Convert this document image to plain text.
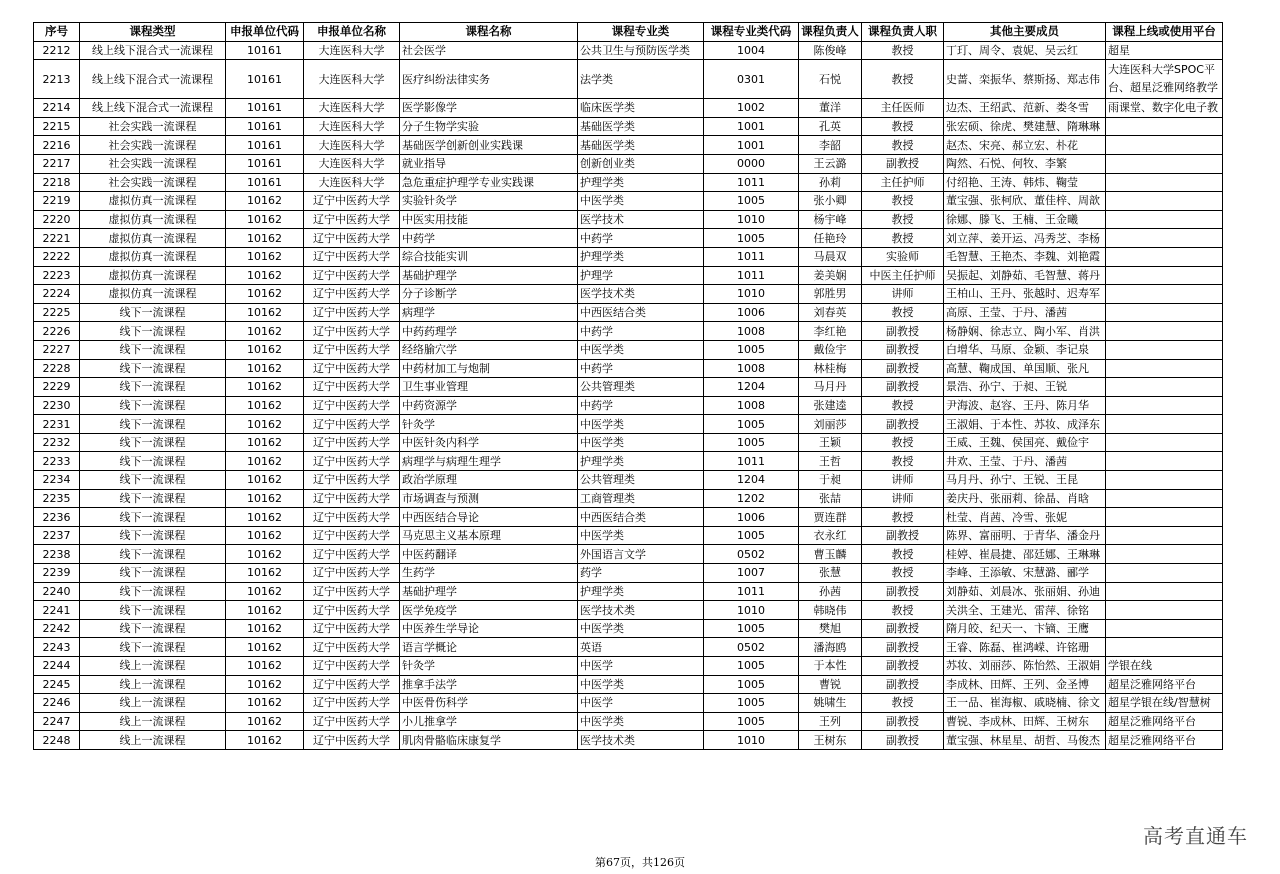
序号	课程类型	申报单位代码	申报单位名称	课程名称	课程专业类	课程专业类代码	课程负责人	课程负责人职	其他主要成员	课程上线或使用平台
2212	线上线下混合式一流课程	10161	大连医科大学	社会医学	公共卫生与预防医学类	1004	陈俊峰	教授	丁玎、周令、袁妮、吴云红	超星
2213	线上线下混合式一流课程	10161	大连医科大学	医疗纠纷法律实务	法学类	0301	石悦	教授	史蔷、栾振华、蔡斯扬、郑志伟	大连医科大学SPOC平台、超星泛雅网络教学
2214	线上线下混合式一流课程	10161	大连医科大学	医学影像学	临床医学类	1002	董洋	主任医师	边杰、王绍武、范新、娄冬雪	雨课堂、数字化电子教
2215	社会实践一流课程	10161	大连医科大学	分子生物学实验	基础医学类	1001	孔英	教授	张宏硕、徐虎、樊建慧、隋琳琳	
2216	社会实践一流课程	10161	大连医科大学	基础医学创新创业实践课	基础医学类	1001	李韶	教授	赵杰、宋亮、郝立宏、朴花	
2217	社会实践一流课程	10161	大连医科大学	就业指导	创新创业类	0000	王云潞	副教授	陶然、石悦、何牧、李繁	
2218	社会实践一流课程	10161	大连医科大学	急危重症护理学专业实践课	护理学类	1011	孙莉	主任护师	付绍艳、王涛、韩炜、鞠莹	
2219	虚拟仿真一流课程	10162	辽宁中医药大学	实验针灸学	中医学类	1005	张小卿	教授	董宝强、张柯欣、董佳梓、周歆	
2220	虚拟仿真一流课程	10162	辽宁中医药大学	中医实用技能	医学技术	1010	杨宇峰	教授	徐娜、滕飞、王楠、王金曦	
2221	虚拟仿真一流课程	10162	辽宁中医药大学	中药学	中药学	1005	任艳玲	教授	刘立萍、姜开运、冯秀芝、李杨	
2222	虚拟仿真一流课程	10162	辽宁中医药大学	综合技能实训	护理学类	1011	马晨双	实验师	毛智慧、王艳杰、李魏、刘艳霞	
2223	虚拟仿真一流课程	10162	辽宁中医药大学	基础护理学	护理学	1011	姜美娴	中医主任护师	吴振起、刘静茹、毛智慧、蒋丹	
2224	虚拟仿真一流课程	10162	辽宁中医药大学	分子诊断学	医学技术类	1010	郭胜男	讲师	王柏山、王丹、张越时、迟寿军	
2225	线下一流课程	10162	辽宁中医药大学	病理学	中西医结合类	1006	刘春英	教授	高原、王莹、于丹、潘茜	
2226	线下一流课程	10162	辽宁中医药大学	中药药理学	中药学	1008	李红艳	副教授	杨静娴、徐志立、陶小军、肖洪	
2227	线下一流课程	10162	辽宁中医药大学	经络腧穴学	中医学类	1005	戴俭宇	副教授	白增华、马原、金颖、李记泉	
2228	线下一流课程	10162	辽宁中医药大学	中药材加工与炮制	中药学	1008	林桂梅	副教授	高慧、鞠成国、单国顺、张凡	
2229	线下一流课程	10162	辽宁中医药大学	卫生事业管理	公共管理类	1204	马月丹	副教授	景浩、孙宁、于昶、王锐	
2230	线下一流课程	10162	辽宁中医药大学	中药资源学	中药学	1008	张建逵	教授	尹海波、赵容、王丹、陈月华	
2231	线下一流课程	10162	辽宁中医药大学	针灸学	中医学类	1005	刘丽莎	副教授	王淑娟、于本性、苏妆、成泽东	
2232	线下一流课程	10162	辽宁中医药大学	中医针灸内科学	中医学类	1005	王颖	教授	王威、王魏、侯国亮、戴俭宇	
2233	线下一流课程	10162	辽宁中医药大学	病理学与病理生理学	护理学类	1011	王哲	教授	井欢、王莹、于丹、潘茜	
2234	线下一流课程	10162	辽宁中医药大学	政治学原理	公共管理类	1204	于昶	讲师	马月丹、孙宁、王锐、王昆	
2235	线下一流课程	10162	辽宁中医药大学	市场调查与预测	工商管理类	1202	张喆	讲师	姜庆丹、张丽莉、徐晶、肖晗	
2236	线下一流课程	10162	辽宁中医药大学	中西医结合导论	中西医结合类	1006	贾连群	教授	杜莹、肖茜、冷雪、张妮	
2237	线下一流课程	10162	辽宁中医药大学	马克思主义基本原理	中医学类	1005	衣永红	副教授	陈界、富丽明、于青华、潘金丹	
2238	线下一流课程	10162	辽宁中医药大学	中医药翻译	外国语言文学	0502	曹玉麟	教授	桂婷、崔晨捷、邵廷娜、王琳琳	
2239	线下一流课程	10162	辽宁中医药大学	生药学	药学	1007	张慧	教授	李峰、王添敏、宋慧潞、郦学	
2240	线下一流课程	10162	辽宁中医药大学	基础护理学	护理学类	1011	孙茜	副教授	刘静茹、刘晨冰、张丽娟、孙迪	
2241	线下一流课程	10162	辽宁中医药大学	医学免疫学	医学技术类	1010	韩晓伟	教授	关洪全、王建光、雷萍、徐铭	
2242	线下一流课程	10162	辽宁中医药大学	中医养生学导论	中医学类	1005	樊旭	副教授	隋月皎、纪天一、卞镝、王鹰	
2243	线下一流课程	10162	辽宁中医药大学	语言学概论	英语	0502	潘海鸥	副教授	王睿、陈磊、崔鸿嵘、许铭珊	
2244	线上一流课程	10162	辽宁中医药大学	针灸学	中医学	1005	于本性	副教授	苏妆、刘丽莎、陈怡然、王淑娟	学银在线
2245	线上一流课程	10162	辽宁中医药大学	推拿手法学	中医学类	1005	曹锐	副教授	李成林、田辉、王列、金圣博	超星泛雅网络平台
2246	线上一流课程	10162	辽宁中医药大学	中医骨伤科学	中医学	1005	姚啸生	教授	王一品、崔海椒、戚晓楠、徐文	超星学银在线/智慧树
2247	线上一流课程	10162	辽宁中医药大学	小儿推拿学	中医学类	1005	王列	副教授	曹锐、李成林、田辉、王树东	超星泛雅网络平台
2248	线上一流课程	10162	辽宁中医药大学	肌肉骨骼临床康复学	医学技术类	1010	王树东	副教授	董宝强、林星星、胡哲、马俊杰	超星泛雅网络平台
高考直通车
第67页，共126页
